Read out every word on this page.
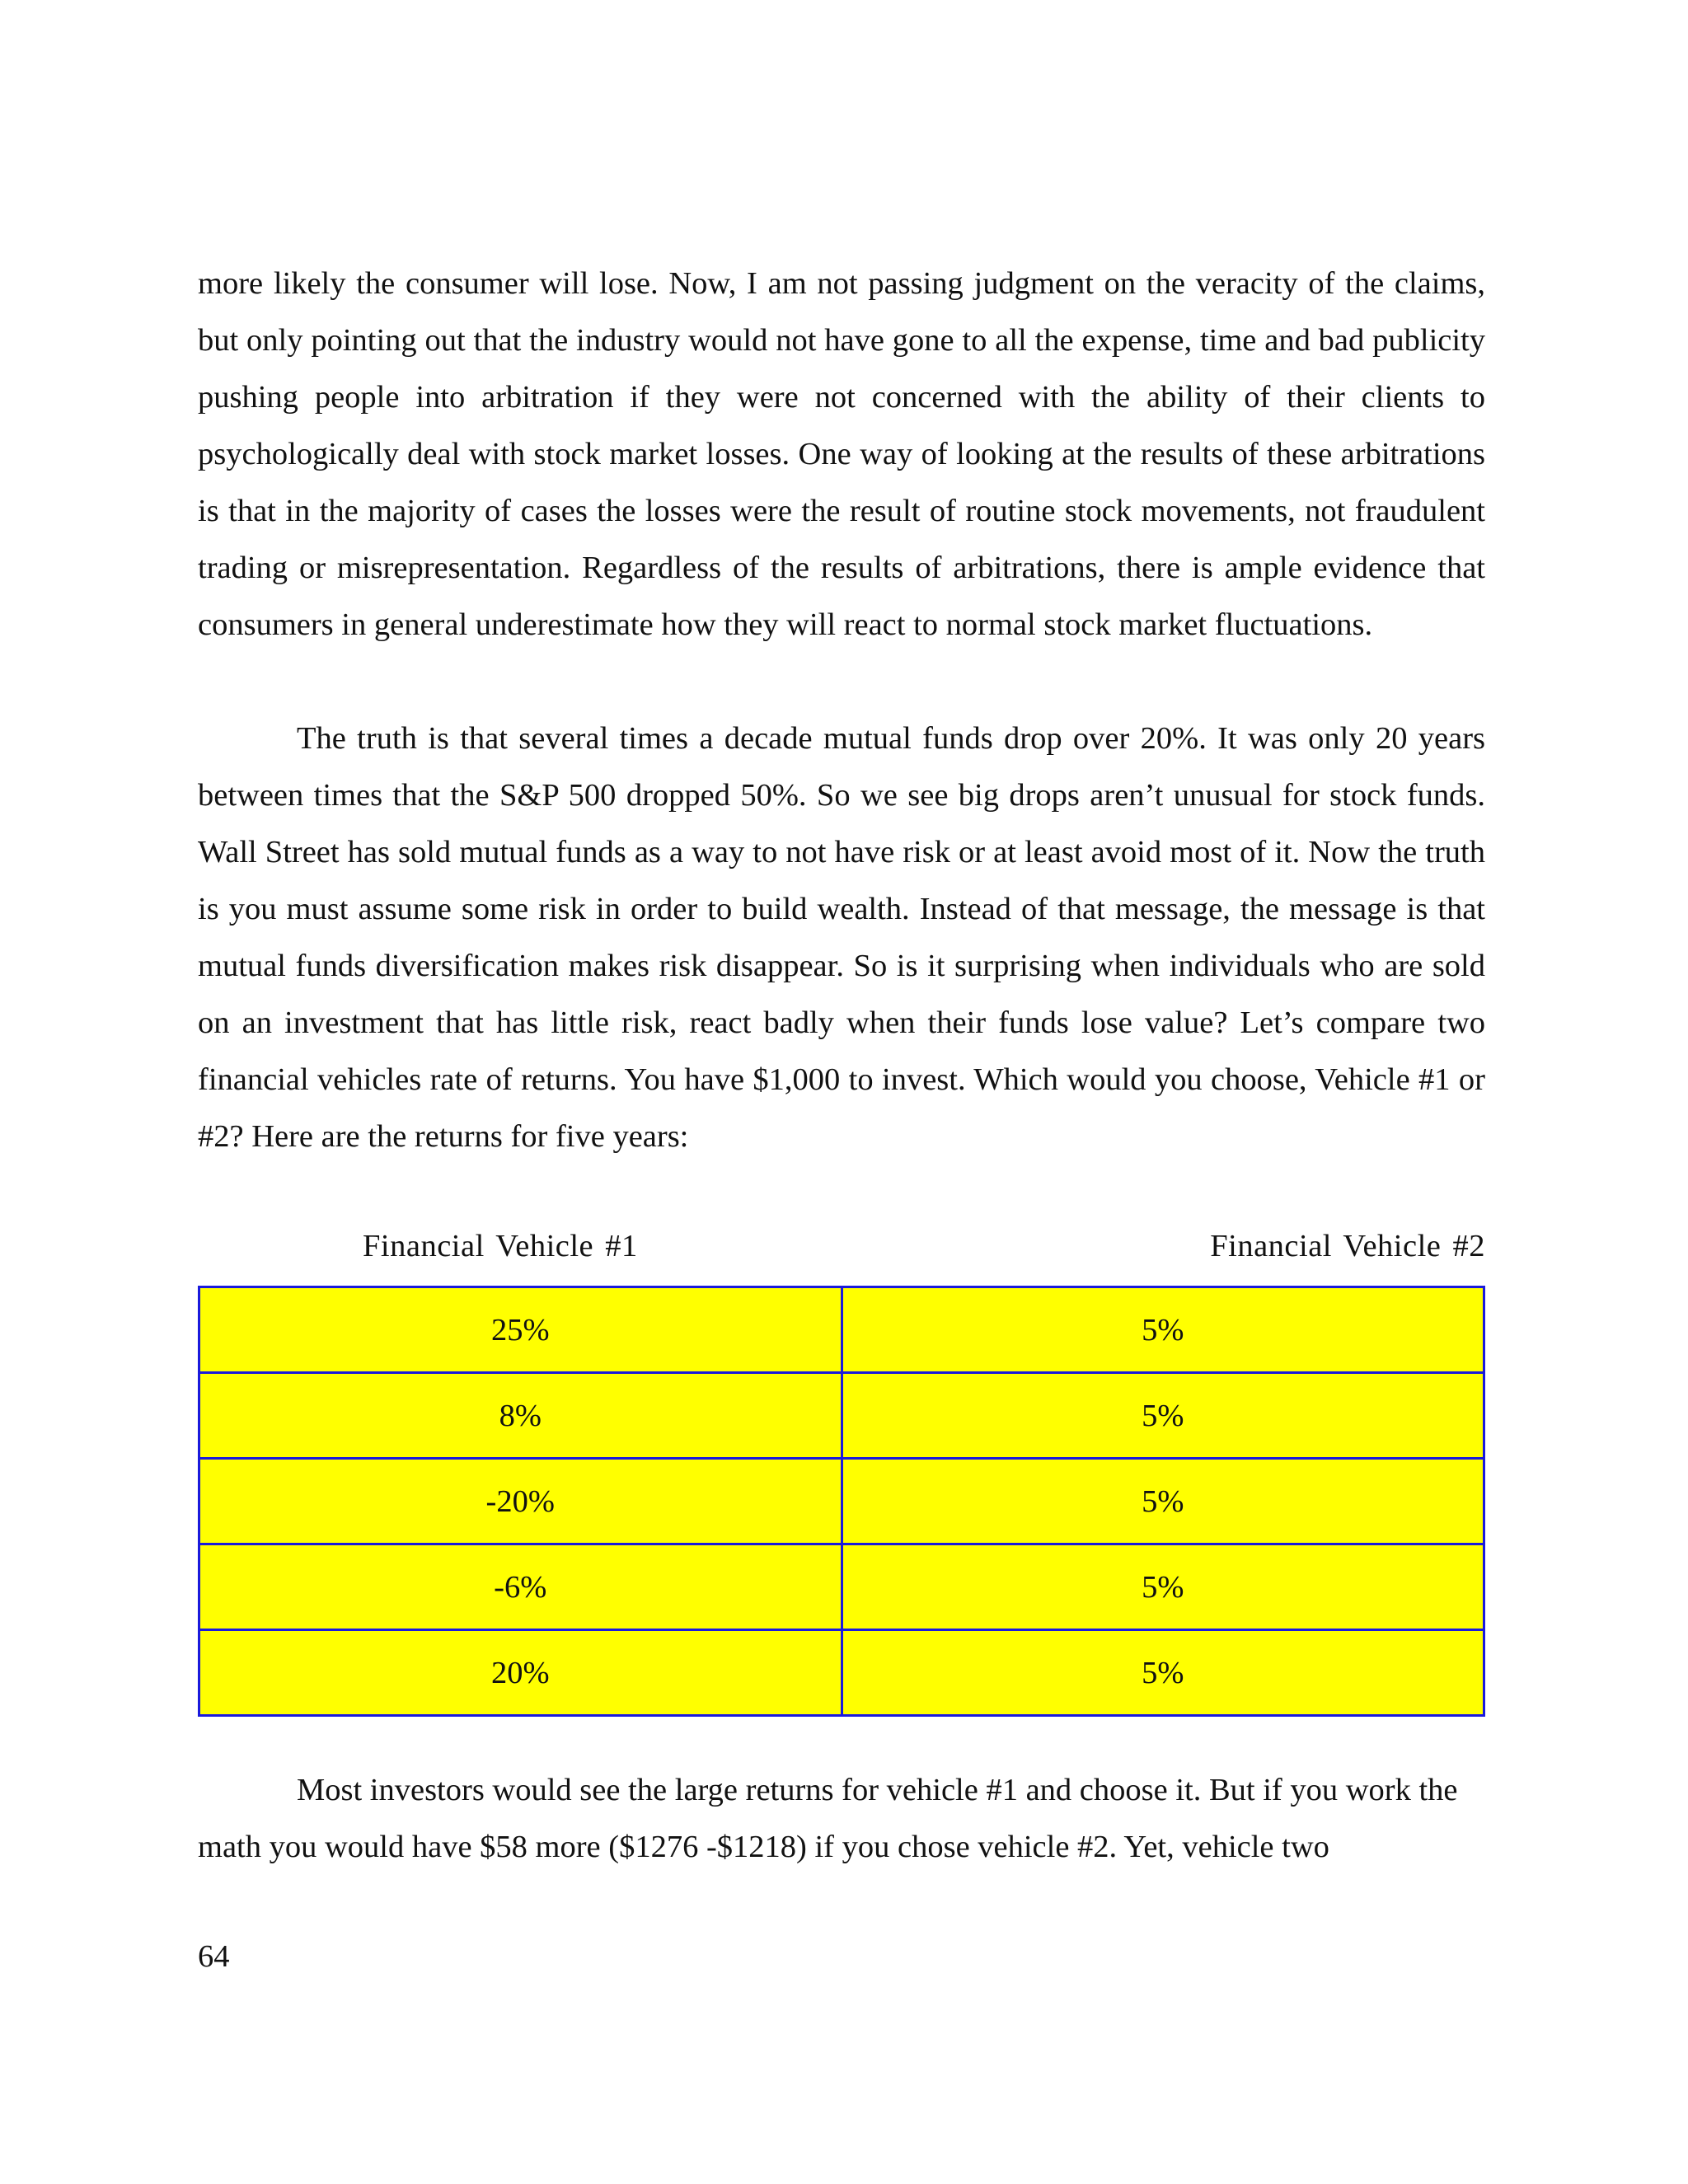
more likely the consumer will lose. Now, I am not passing judgment on the veracity of the claims, but only pointing out that the industry would not have gone to all the expense, time and bad publicity pushing people into arbitration if they were not concerned with the ability of their clients to psychologically deal with stock market losses. One way of looking at the results of these arbitrations is that in the majority of cases the losses were the result of routine stock movements, not fraudulent trading or misrepresentation. Regardless of the results of arbitrations, there is ample evidence that consumers in general underestimate how they will react to normal stock market fluctuations.

The truth is that several times a decade mutual funds drop over 20%. It was only 20 years between times that the S&P 500 dropped 50%. So we see big drops aren’t unusual for stock funds. Wall Street has sold mutual funds as a way to not have risk or at least avoid most of it. Now the truth is you must assume some risk in order to build wealth. Instead of that message, the message is that mutual funds diversification makes risk disappear. So is it surprising when individuals who are sold on an investment that has little risk, react badly when their funds lose value? Let’s compare two financial vehicles rate of returns. You have $1,000 to invest. Which would you choose, Vehicle #1 or #2? Here are the returns for five years:

Financial Vehicle #1	Financial Vehicle #2
25%	5%
8%	5%
-20%	5%
-6%	5%
20%	5%

Most investors would see the large returns for vehicle #1 and choose it. But if you work the math you would have $58 more ($1276 -$1218) if you chose vehicle #2. Yet, vehicle two

64
